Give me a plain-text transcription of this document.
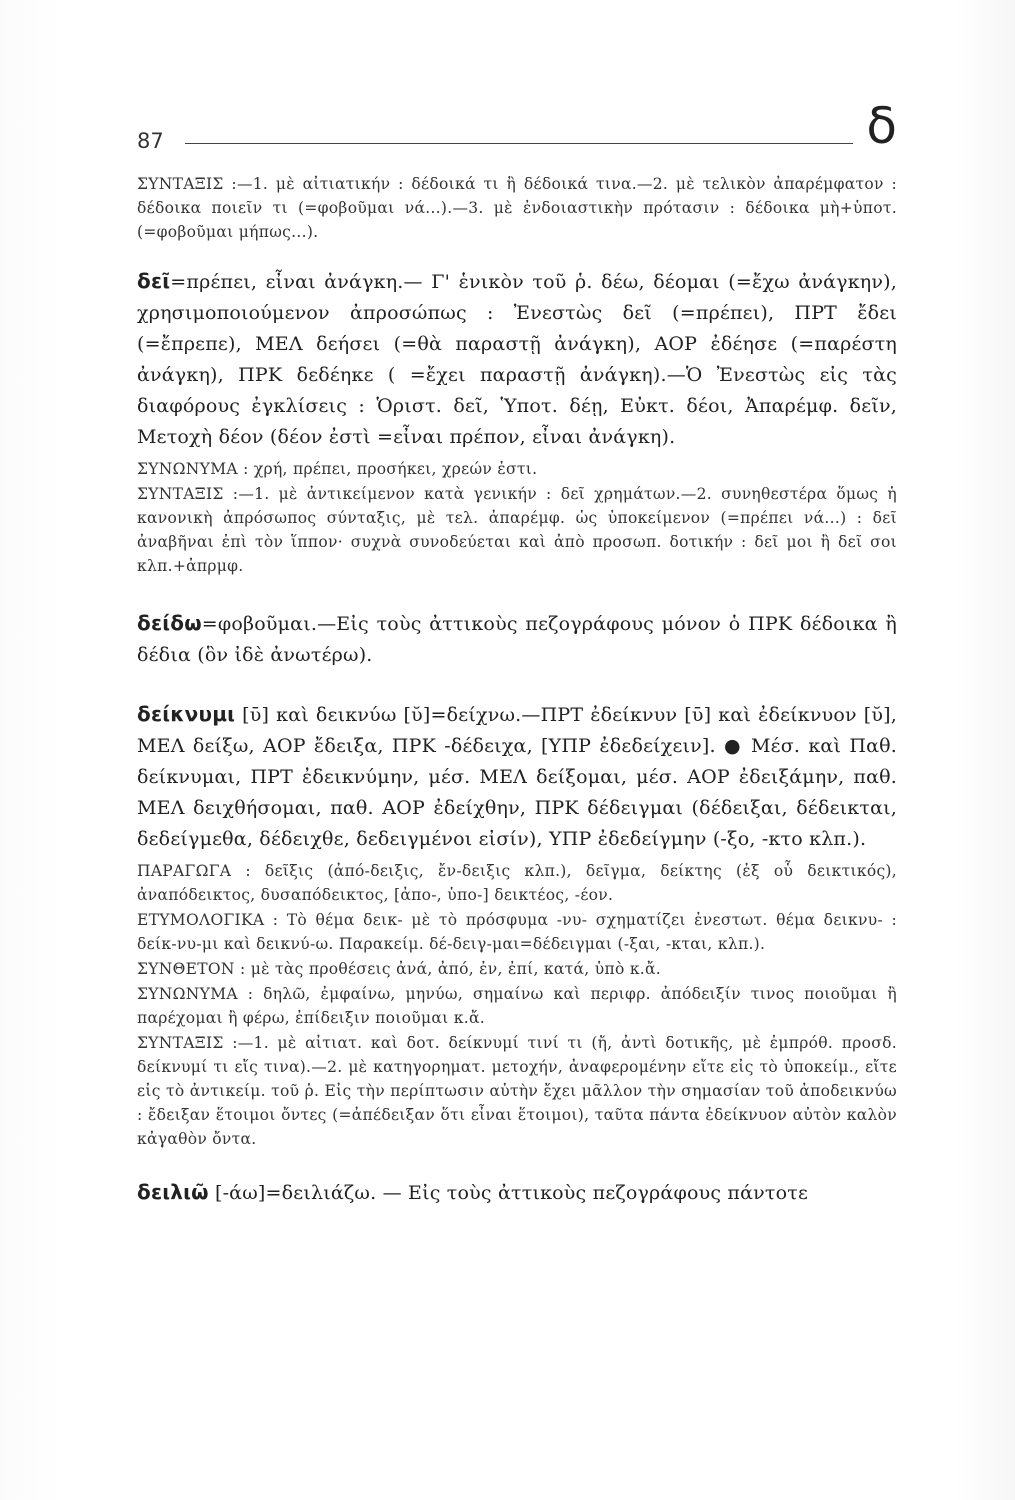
87	δ

ΣΥΝΤΑΞΙΣ :—1. μὲ αἰτιατικήν : δέδοικά τι ἢ δέδοικά τινα.—2. μὲ τελικὸν ἀπαρέμφατον : δέδοικα ποιεῖν τι (=φοβοῦμαι νά...).—3. μὲ ἐνδοιαστικὴν πρότασιν : δέδοικα μὴ+ὑποτ. (=φοβοῦμαι μήπως...).

δεῖ=πρέπει, εἶναι ἀνάγκη.— Γ' ἑνικὸν τοῦ ῥ. δέω, δέομαι (=ἔχω ἀνάγκην), χρησιμοποιούμενον ἀπροσώπως : Ἐνεστὼς δεῖ (=πρέπει), ΠΡΤ ἔδει (=ἔπρεπε), ΜΕΛ δεήσει (=θὰ παραστῇ ἀνάγκη), ΑΟΡ ἐδέησε (=παρέστη ἀνάγκη), ΠΡΚ δεδέηκε ( =ἔχει παραστῇ ἀνάγκη).—Ὁ Ἐνεστὼς εἰς τὰς διαφόρους ἐγκλίσεις : Ὁριστ. δεῖ, Ὑποτ. δέῃ, Εὐκτ. δέοι, Ἀπαρέμφ. δεῖν, Μετοχὴ δέον (δέον ἐστὶ =εἶναι πρέπον, εἶναι ἀνάγκη).

ΣΥΝΩΝΥΜΑ : χρή, πρέπει, προσήκει, χρεών ἐστι.

ΣΥΝΤΑΞΙΣ :—1. μὲ ἀντικείμενον κατὰ γενικήν : δεῖ χρημάτων.—2. συνηθεστέρα ὅμως ἡ κανονικὴ ἀπρόσωπος σύνταξις, μὲ τελ. ἀπαρέμφ. ὡς ὑποκείμενον (=πρέπει νά...) : δεῖ ἀναβῆναι ἐπὶ τὸν ἵππον· συχνὰ συνοδεύεται καὶ ἀπὸ προσωπ. δοτικήν : δεῖ μοι ἢ δεῖ σοι κλπ.+ἀπρμφ.

δείδω=φοβοῦμαι.—Εἰς τοὺς ἀττικοὺς πεζογράφους μόνον ὁ ΠΡΚ δέδοικα ἢ δέδια (ὃν ἰδὲ ἀνωτέρω).

δείκνυμι [ῡ] καὶ δεικνύω [ῠ]=δείχνω.—ΠΡΤ ἐδείκνυν [ῡ] καὶ ἐδείκνυον [ῠ], ΜΕΛ δείξω, ΑΟΡ ἔδειξα, ΠΡΚ -δέδειχα, [ΥΠΡ ἐδεδείχειν]. ● Μέσ. καὶ Παθ. δείκνυμαι, ΠΡΤ ἐδεικνύμην, μέσ. ΜΕΛ δείξομαι, μέσ. ΑΟΡ ἐδειξάμην, παθ. ΜΕΛ δειχθήσομαι, παθ. ΑΟΡ ἐδείχθην, ΠΡΚ δέδειγμαι (δέδειξαι, δέδεικται, δεδείγμεθα, δέδειχθε, δεδειγμένοι εἰσίν), ΥΠΡ ἐδεδείγμην (-ξο, -κτο κλπ.).

ΠΑΡΑΓΩΓΑ : δεῖξις (ἀπό-δειξις, ἔν-δειξις κλπ.), δεῖγμα, δείκτης (ἐξ οὗ δεικτικός), ἀναπόδεικτος, δυσαπόδεικτος, [ἀπο-, ὑπο-] δεικτέος, -έον.

ΕΤΥΜΟΛΟΓΙΚΑ : Τὸ θέμα δεικ- μὲ τὸ πρόσφυμα -νυ- σχηματίζει ἐνεστωτ. θέμα δεικνυ- : δείκ-νυ-μι καὶ δεικνύ-ω. Παρακείμ. δέ-δειγ-μαι=δέδειγμαι (-ξαι, -κται, κλπ.).

ΣΥΝΘΕΤΟΝ : μὲ τὰς προθέσεις ἀνά, ἀπό, ἐν, ἐπί, κατά, ὑπὸ κ.ἄ.

ΣΥΝΩΝΥΜΑ : δηλῶ, ἐμφαίνω, μηνύω, σημαίνω καὶ περιφρ. ἀπόδειξίν τινος ποιοῦμαι ἢ παρέχομαι ἢ φέρω, ἐπίδειξιν ποιοῦμαι κ.ἄ.

ΣΥΝΤΑΞΙΣ :—1. μὲ αἰτιατ. καὶ δοτ. δείκνυμί τινί τι (ἤ, ἀντὶ δοτικῆς, μὲ ἐμπρόθ. προσδ. δείκνυμί τι εἴς τινα).—2. μὲ κατηγορηματ. μετοχήν, ἀναφερομένην εἴτε εἰς τὸ ὑποκείμ., εἴτε εἰς τὸ ἀντικείμ. τοῦ ῥ. Εἰς τὴν περίπτωσιν αὐτὴν ἔχει μᾶλλον τὴν σημασίαν τοῦ ἀποδεικνύω : ἔδειξαν ἕτοιμοι ὄντες (=ἀπέδειξαν ὅτι εἶναι ἕτοιμοι), ταῦτα πάντα ἐδείκνυον αὐτὸν καλὸν κἀγαθὸν ὄντα.

δειλιῶ [-άω]=δειλιάζω. — Εἰς τοὺς ἀττικοὺς πεζογράφους πάντοτε
